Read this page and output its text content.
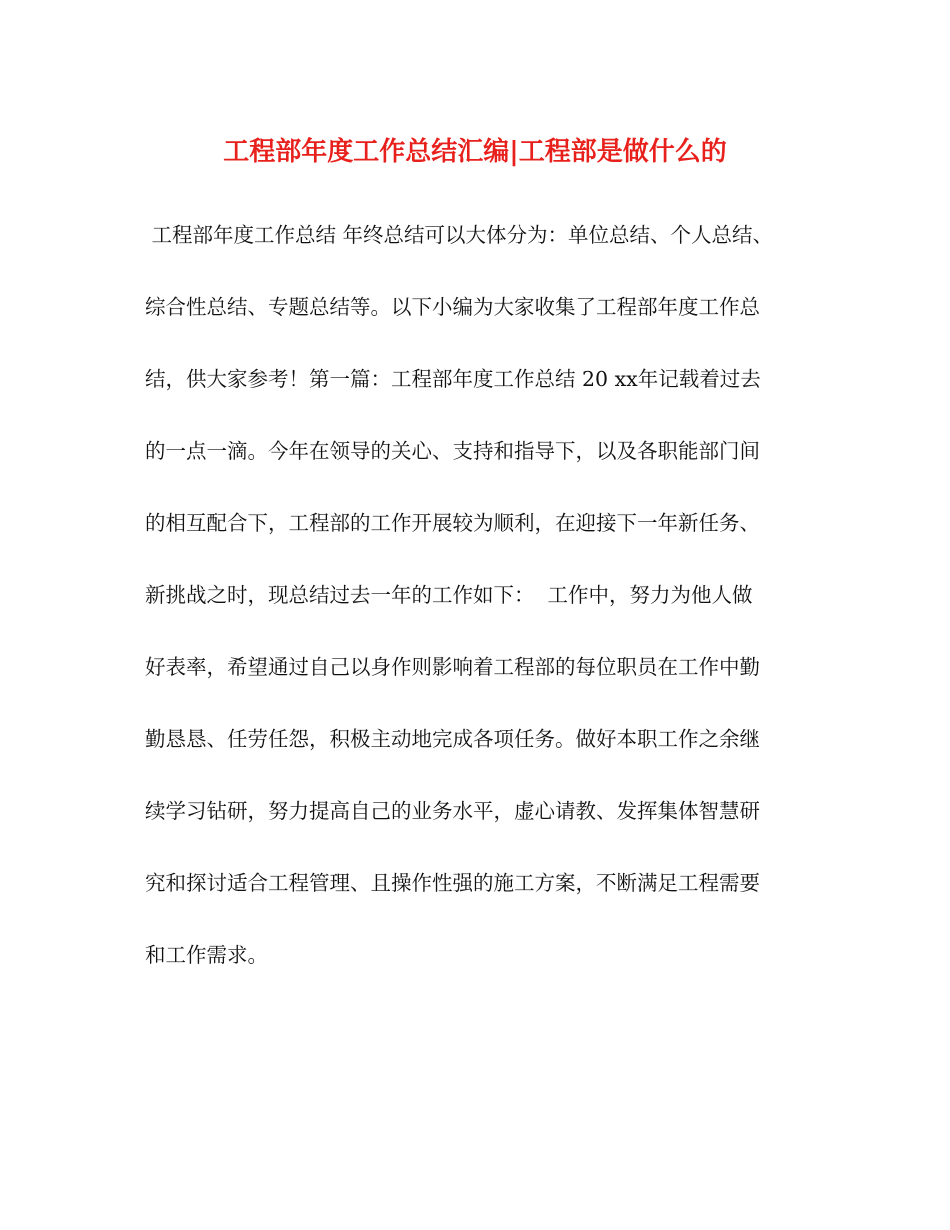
工程部年度工作总结汇编|工程部是做什么的

工程部年度工作总结 年终总结可以大体分为：单位总结、个人总结、

综合性总结、专题总结等。以下小编为大家收集了工程部年度工作总

结，供大家参考！第一篇：工程部年度工作总结 20 xx年记载着过去

的一点一滴。今年在领导的关心、支持和指导下，以及各职能部门间

的相互配合下，工程部的工作开展较为顺利，在迎接下一年新任务、

新挑战之时，现总结过去一年的工作如下：  工作中，努力为他人做

好表率，希望通过自己以身作则影响着工程部的每位职员在工作中勤

勤恳恳、任劳任怨，积极主动地完成各项任务。做好本职工作之余继

续学习钻研，努力提高自己的业务水平，虚心请教、发挥集体智慧研

究和探讨适合工程管理、且操作性强的施工方案，不断满足工程需要

和工作需求。
